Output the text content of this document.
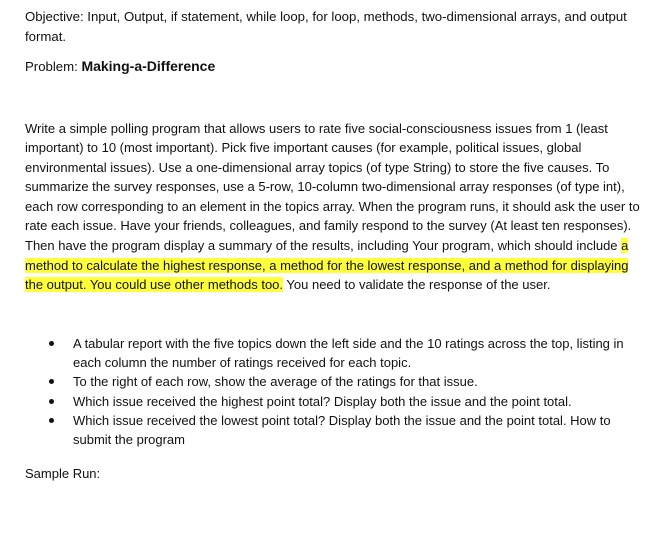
Objective: Input, Output, if statement, while loop, for loop, methods, two-dimensional arrays, and output format.

Problem: Making-a-Difference

Write a simple polling program that allows users to rate five social-consciousness issues from 1 (least important) to 10 (most important). Pick five important causes (for example, political issues, global environmental issues). Use a one-dimensional array topics (of type String) to store the five causes. To summarize the survey responses, use a 5-row, 10-column two-dimensional array responses (of type int), each row corresponding to an element in the topics array. When the program runs, it should ask the user to rate each issue. Have your friends, colleagues, and family respond to the survey (At least ten responses). Then have the program display a summary of the results, including Your program, which should include a method to calculate the highest response, a method for the lowest response, and a method for displaying the output. You could use other methods too. You need to validate the response of the user.

A tabular report with the five topics down the left side and the 10 ratings across the top, listing in each column the number of ratings received for each topic.
To the right of each row, show the average of the ratings for that issue.
Which issue received the highest point total? Display both the issue and the point total.
Which issue received the lowest point total? Display both the issue and the point total. How to submit the program

Sample Run:
